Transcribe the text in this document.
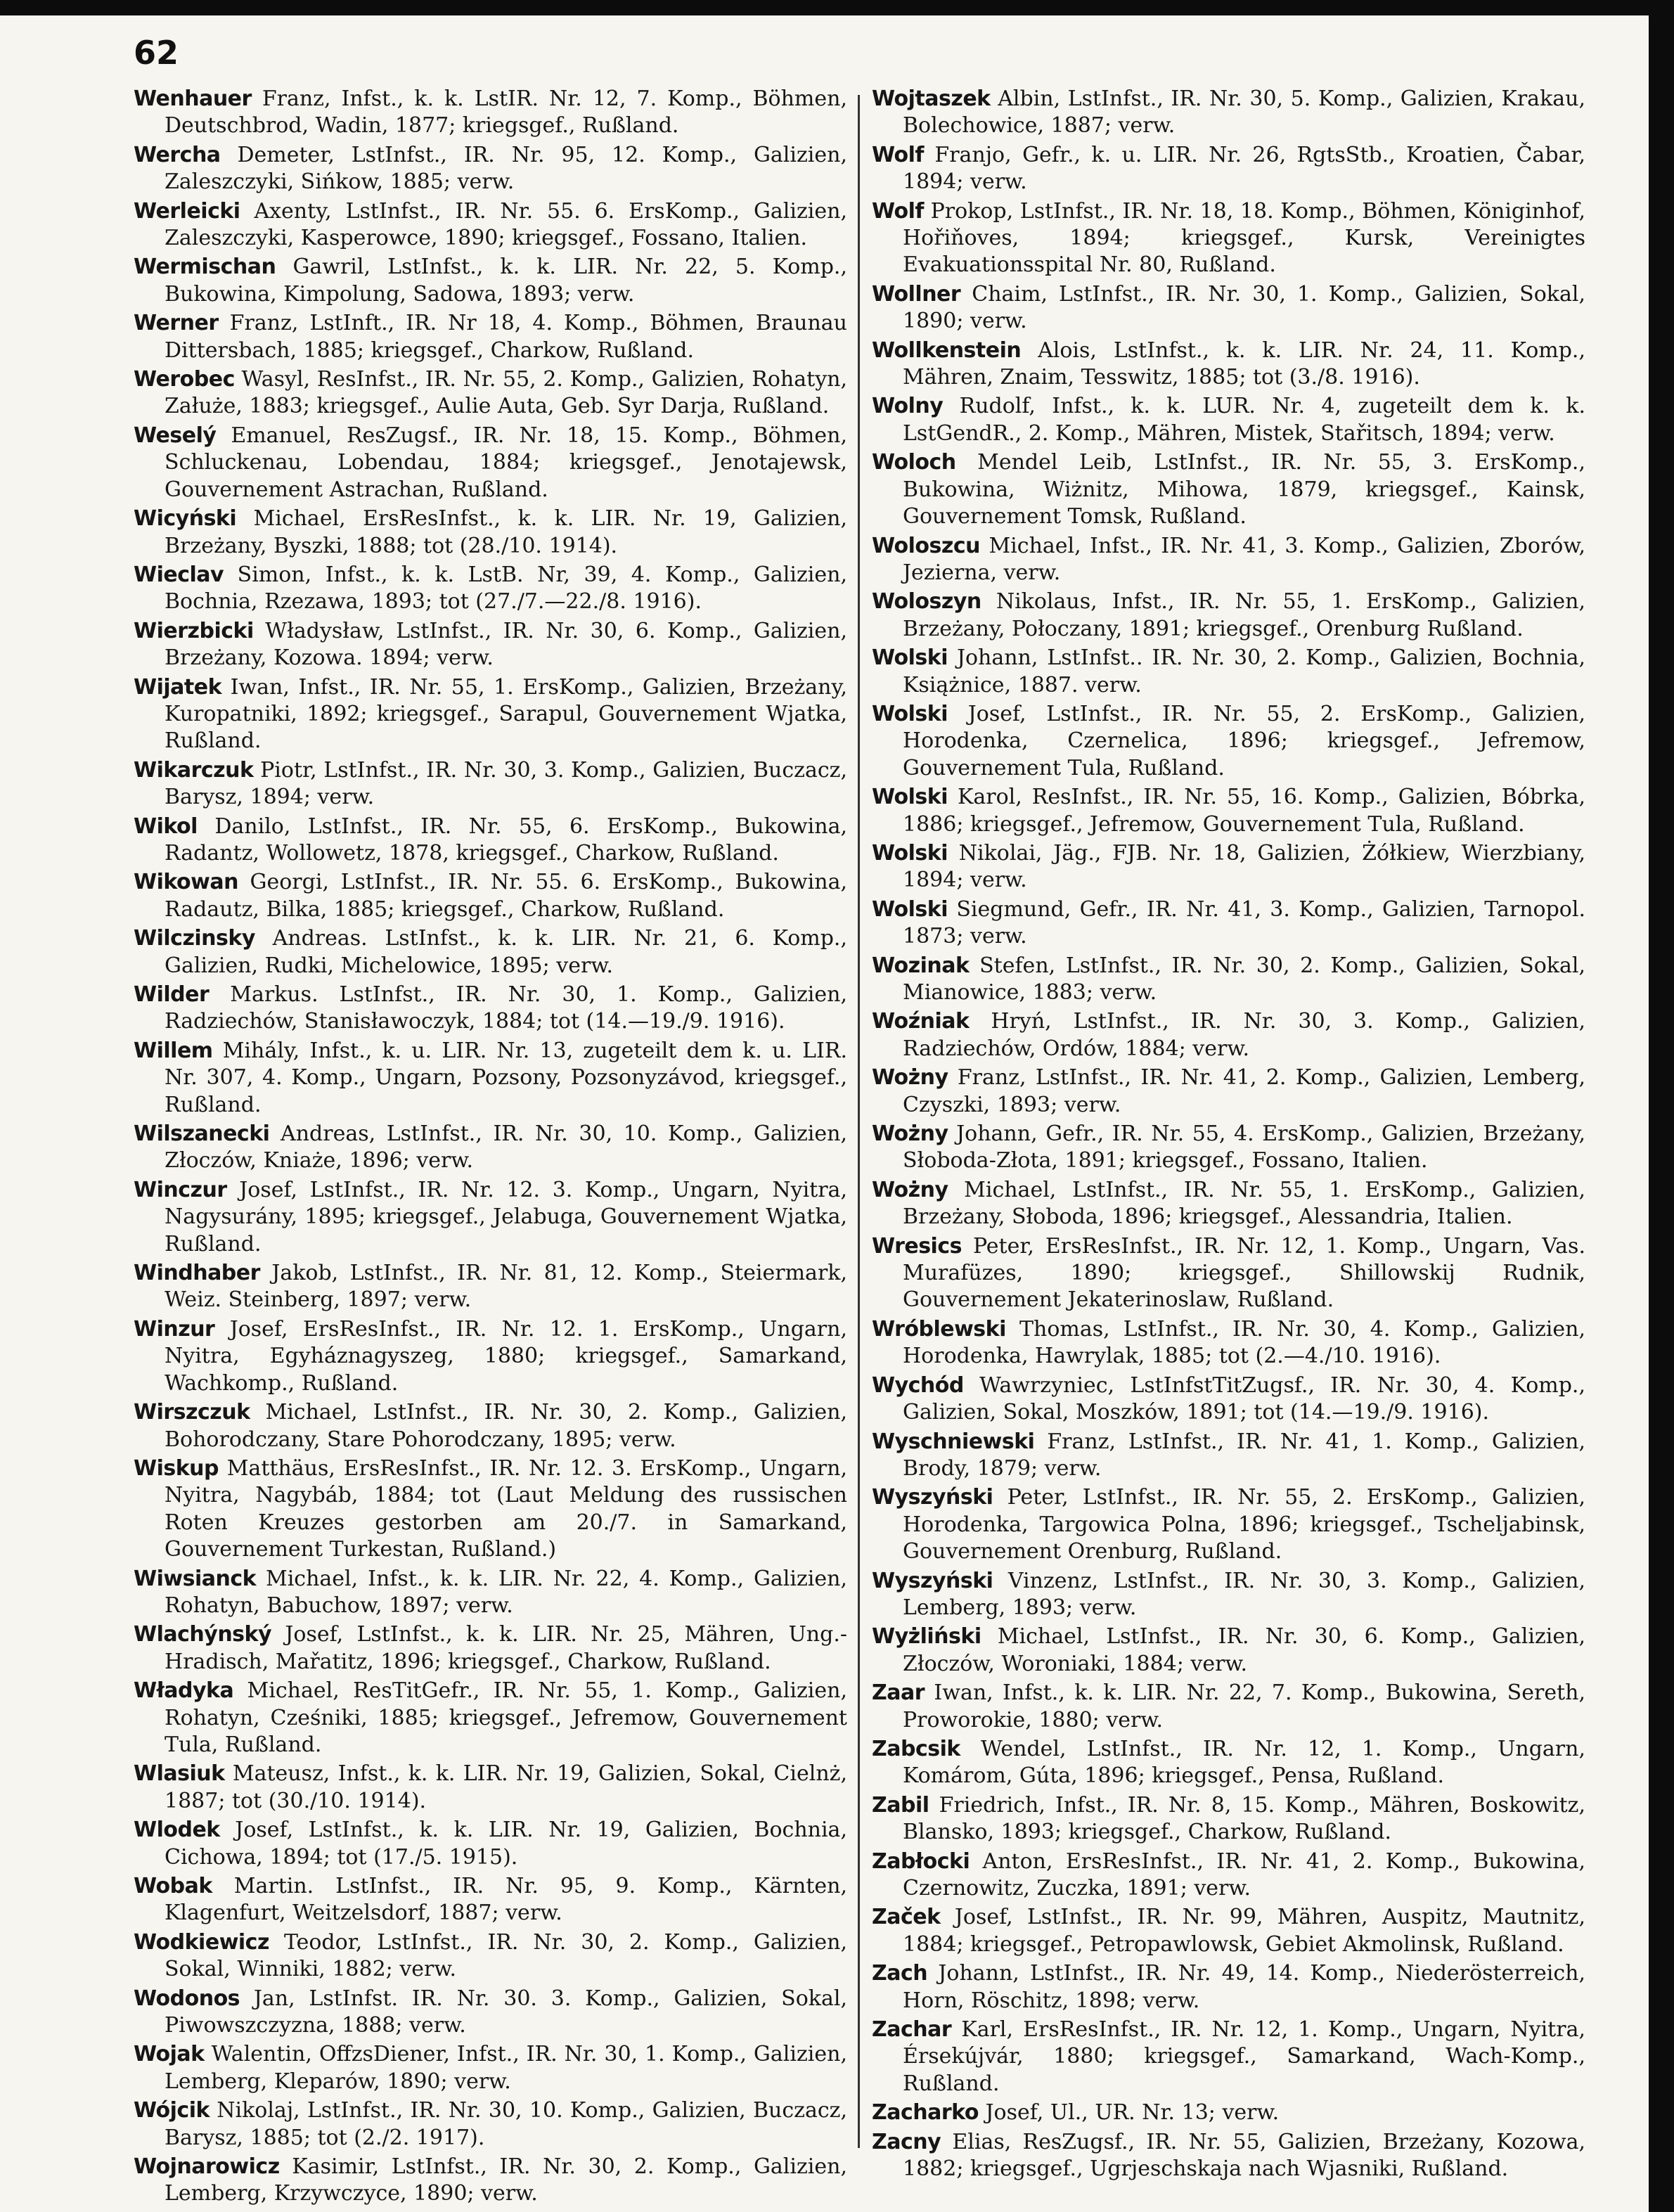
62

Wenhauer Franz, Infst., k. k. LstIR. Nr. 12, 7. Komp., Böhmen, Deutschbrod, Wadin, 1877; kriegsgef., Rußland.

Wercha Demeter, LstInfst., IR. Nr. 95, 12. Komp., Galizien, Zaleszczyki, Sińkow, 1885; verw.

Werleicki Axenty, LstInfst., IR. Nr. 55. 6. ErsKomp., Galizien, Zaleszczyki, Kasperowce, 1890; kriegsgef., Fossano, Italien.

Wermischan Gawril, LstInfst., k. k. LIR. Nr. 22, 5. Komp., Bukowina, Kimpolung, Sadowa, 1893; verw.

Werner Franz, LstInft., IR. Nr 18, 4. Komp., Böhmen, Braunau Dittersbach, 1885; kriegsgef., Charkow, Rußland.

Werobec Wasyl, ResInfst., IR. Nr. 55, 2. Komp., Galizien, Rohatyn, Załuże, 1883; kriegsgef., Aulie Auta, Geb. Syr Darja, Rußland.

Weselý Emanuel, ResZugsf., IR. Nr. 18, 15. Komp., Böhmen, Schluckenau, Lobendau, 1884; kriegsgef., Jenotajewsk, Gouvernement Astrachan, Rußland.

Wicyński Michael, ErsResInfst., k. k. LIR. Nr. 19, Galizien, Brzeżany, Byszki, 1888; tot (28./10. 1914).

Wieclav Simon, Infst., k. k. LstB. Nr, 39, 4. Komp., Galizien, Bochnia, Rzezawa, 1893; tot (27./7.—22./8. 1916).

Wierzbicki Władysław, LstInfst., IR. Nr. 30, 6. Komp., Galizien, Brzeżany, Kozowa. 1894; verw.

Wijatek Iwan, Infst., IR. Nr. 55, 1. ErsKomp., Galizien, Brzeżany, Kuropatniki, 1892; kriegsgef., Sarapul, Gouvernement Wjatka, Rußland.

Wikarczuk Piotr, LstInfst., IR. Nr. 30, 3. Komp., Galizien, Buczacz, Barysz, 1894; verw.

Wikol Danilo, LstInfst., IR. Nr. 55, 6. ErsKomp., Bukowina, Radantz, Wollowetz, 1878, kriegsgef., Charkow, Rußland.

Wikowan Georgi, LstInfst., IR. Nr. 55. 6. ErsKomp., Bukowina, Radautz, Bilka, 1885; kriegsgef., Charkow, Rußland.

Wilczinsky Andreas. LstInfst., k. k. LIR. Nr. 21, 6. Komp., Galizien, Rudki, Michelowice, 1895; verw.

Wilder Markus. LstInfst., IR. Nr. 30, 1. Komp., Galizien, Radziechów, Stanisławoczyk, 1884; tot (14.—19./9. 1916).

Willem Mihály, Infst., k. u. LIR. Nr. 13, zugeteilt dem k. u. LIR. Nr. 307, 4. Komp., Ungarn, Pozsony, Pozsonyzávod, kriegsgef., Rußland.

Wilszanecki Andreas, LstInfst., IR. Nr. 30, 10. Komp., Galizien, Złoczów, Kniaże, 1896; verw.

Winczur Josef, LstInfst., IR. Nr. 12. 3. Komp., Ungarn, Nyitra, Nagysurány, 1895; kriegsgef., Jelabuga, Gouvernement Wjatka, Rußland.

Windhaber Jakob, LstInfst., IR. Nr. 81, 12. Komp., Steiermark, Weiz. Steinberg, 1897; verw.

Winzur Josef, ErsResInfst., IR. Nr. 12. 1. ErsKomp., Ungarn, Nyitra, Egyháznagyszeg, 1880; kriegsgef., Samarkand, Wachkomp., Rußland.

Wirszczuk Michael, LstInfst., IR. Nr. 30, 2. Komp., Galizien, Bohorodczany, Stare Pohorodczany, 1895; verw.

Wiskup Matthäus, ErsResInfst., IR. Nr. 12. 3. ErsKomp., Ungarn, Nyitra, Nagybáb, 1884; tot (Laut Meldung des russischen Roten Kreuzes gestorben am 20./7. in Samarkand, Gouvernement Turkestan, Rußland.)

Wiwsianck Michael, Infst., k. k. LIR. Nr. 22, 4. Komp., Galizien, Rohatyn, Babuchow, 1897; verw.

Wlachýnský Josef, LstInfst., k. k. LIR. Nr. 25, Mähren, Ung.-Hradisch, Mařatitz, 1896; kriegsgef., Charkow, Rußland.

Władyka Michael, ResTitGefr., IR. Nr. 55, 1. Komp., Galizien, Rohatyn, Cześniki, 1885; kriegsgef., Jefremow, Gouvernement Tula, Rußland.

Wlasiuk Mateusz, Infst., k. k. LIR. Nr. 19, Galizien, Sokal, Cielnż, 1887; tot (30./10. 1914).

Wlodek Josef, LstInfst., k. k. LIR. Nr. 19, Galizien, Bochnia, Cichowa, 1894; tot (17./5. 1915).

Wobak Martin. LstInfst., IR. Nr. 95, 9. Komp., Kärnten, Klagenfurt, Weitzelsdorf, 1887; verw.

Wodkiewicz Teodor, LstInfst., IR. Nr. 30, 2. Komp., Galizien, Sokal, Winniki, 1882; verw.

Wodonos Jan, LstInfst. IR. Nr. 30. 3. Komp., Galizien, Sokal, Piwowszczyzna, 1888; verw.

Wojak Walentin, OffzsDiener, Infst., IR. Nr. 30, 1. Komp., Galizien, Lemberg, Kleparów, 1890; verw.

Wójcik Nikolaj, LstInfst., IR. Nr. 30, 10. Komp., Galizien, Buczacz, Barysz, 1885; tot (2./2. 1917).

Wojnarowicz Kasimir, LstInfst., IR. Nr. 30, 2. Komp., Galizien, Lemberg, Krzywczyce, 1890; verw.

Wojtaszek Albin, LstInfst., IR. Nr. 30, 5. Komp., Galizien, Krakau, Bolechowice, 1887; verw.

Wolf Franjo, Gefr., k. u. LIR. Nr. 26, RgtsStb., Kroatien, Čabar, 1894; verw.

Wolf Prokop, LstInfst., IR. Nr. 18, 18. Komp., Böhmen, Königinhof, Hořiňoves, 1894; kriegsgef., Kursk, Vereinigtes Evakuationsspital Nr. 80, Rußland.

Wollner Chaim, LstInfst., IR. Nr. 30, 1. Komp., Galizien, Sokal, 1890; verw.

Wollkenstein Alois, LstInfst., k. k. LIR. Nr. 24, 11. Komp., Mähren, Znaim, Tesswitz, 1885; tot (3./8. 1916).

Wolny Rudolf, Infst., k. k. LUR. Nr. 4, zugeteilt dem k. k. LstGendR., 2. Komp., Mähren, Mistek, Stařitsch, 1894; verw.

Woloch Mendel Leib, LstInfst., IR. Nr. 55, 3. ErsKomp., Bukowina, Wiżnitz, Mihowa, 1879, kriegsgef., Kainsk, Gouvernement Tomsk, Rußland.

Woloszcu Michael, Infst., IR. Nr. 41, 3. Komp., Galizien, Zborów, Jezierna, verw.

Woloszyn Nikolaus, Infst., IR. Nr. 55, 1. ErsKomp., Galizien, Brzeżany, Połoczany, 1891; kriegsgef., Orenburg Rußland.

Wolski Johann, LstInfst.. IR. Nr. 30, 2. Komp., Galizien, Bochnia, Książnice, 1887. verw.

Wolski Josef, LstInfst., IR. Nr. 55, 2. ErsKomp., Galizien, Horodenka, Czernelica, 1896; kriegsgef., Jefremow, Gouvernement Tula, Rußland.

Wolski Karol, ResInfst., IR. Nr. 55, 16. Komp., Galizien, Bóbrka, 1886; kriegsgef., Jefremow, Gouvernement Tula, Rußland.

Wolski Nikolai, Jäg., FJB. Nr. 18, Galizien, Żółkiew, Wierzbiany, 1894; verw.

Wolski Siegmund, Gefr., IR. Nr. 41, 3. Komp., Galizien, Tarnopol. 1873; verw.

Wozinak Stefen, LstInfst., IR. Nr. 30, 2. Komp., Galizien, Sokal, Mianowice, 1883; verw.

Woźniak Hryń, LstInfst., IR. Nr. 30, 3. Komp., Galizien, Radziechów, Ordów, 1884; verw.

Wożny Franz, LstInfst., IR. Nr. 41, 2. Komp., Galizien, Lemberg, Czyszki, 1893; verw.

Wożny Johann, Gefr., IR. Nr. 55, 4. ErsKomp., Galizien, Brzeżany, Słoboda-Złota, 1891; kriegsgef., Fossano, Italien.

Wożny Michael, LstInfst., IR. Nr. 55, 1. ErsKomp., Galizien, Brzeżany, Słoboda, 1896; kriegsgef., Alessandria, Italien.

Wresics Peter, ErsResInfst., IR. Nr. 12, 1. Komp., Ungarn, Vas. Murafüzes, 1890; kriegsgef., Shillowskij Rudnik, Gouvernement Jekaterinoslaw, Rußland.

Wróblewski Thomas, LstInfst., IR. Nr. 30, 4. Komp., Galizien, Horodenka, Hawrylak, 1885; tot (2.—4./10. 1916).

Wychód Wawrzyniec, LstInfstTitZugsf., IR. Nr. 30, 4. Komp., Galizien, Sokal, Moszków, 1891; tot (14.—19./9. 1916).

Wyschniewski Franz, LstInfst., IR. Nr. 41, 1. Komp., Galizien, Brody, 1879; verw.

Wyszyński Peter, LstInfst., IR. Nr. 55, 2. ErsKomp., Galizien, Horodenka, Targowica Polna, 1896; kriegsgef., Tscheljabinsk, Gouvernement Orenburg, Rußland.

Wyszyński Vinzenz, LstInfst., IR. Nr. 30, 3. Komp., Galizien, Lemberg, 1893; verw.

Wyżliński Michael, LstInfst., IR. Nr. 30, 6. Komp., Galizien, Złoczów, Woroniaki, 1884; verw.

Zaar Iwan, Infst., k. k. LIR. Nr. 22, 7. Komp., Bukowina, Sereth, Proworokie, 1880; verw.

Zabcsik Wendel, LstInfst., IR. Nr. 12, 1. Komp., Ungarn, Komárom, Gúta, 1896; kriegsgef., Pensa, Rußland.

Zabil Friedrich, Infst., IR. Nr. 8, 15. Komp., Mähren, Boskowitz, Blansko, 1893; kriegsgef., Charkow, Rußland.

Zabłocki Anton, ErsResInfst., IR. Nr. 41, 2. Komp., Bukowina, Czernowitz, Zuczka, 1891; verw.

Začek Josef, LstInfst., IR. Nr. 99, Mähren, Auspitz, Mautnitz, 1884; kriegsgef., Petropawlowsk, Gebiet Akmolinsk, Rußland.

Zach Johann, LstInfst., IR. Nr. 49, 14. Komp., Niederösterreich, Horn, Röschitz, 1898; verw.

Zachar Karl, ErsResInfst., IR. Nr. 12, 1. Komp., Ungarn, Nyitra, Érsekújvár, 1880; kriegsgef., Samarkand, Wach-Komp., Rußland.

Zacharko Josef, Ul., UR. Nr. 13; verw.

Zacny Elias, ResZugsf., IR. Nr. 55, Galizien, Brzeżany, Kozowa, 1882; kriegsgef., Ugrjeschskaja nach Wjasniki, Rußland.
